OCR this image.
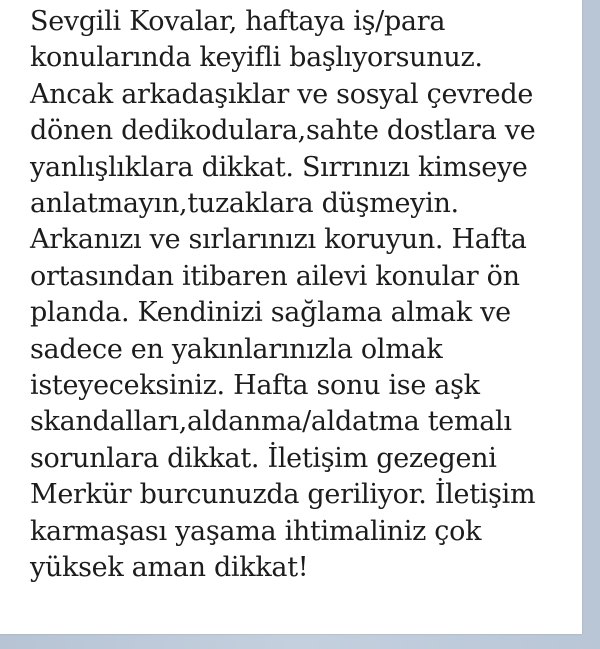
Sevgili Kovalar, haftaya iş/para
konularında keyifli başlıyorsunuz.
Ancak arkadaşıklar ve sosyal çevrede
dönen dedikodulara,sahte dostlara ve
yanlışlıklara dikkat. Sırrınızı kimseye
anlatmayın,tuzaklara düşmeyin.
Arkanızı ve sırlarınızı koruyun. Hafta
ortasından itibaren ailevi konular ön
planda. Kendinizi sağlama almak ve
sadece en yakınlarınızla olmak
isteyeceksiniz. Hafta sonu ise aşk
skandalları,aldanma/aldatma temalı
sorunlara dikkat. İletişim gezegeni
Merkür burcunuzda geriliyor. İletişim
karmaşası yaşama ihtimaliniz çok
yüksek aman dikkat!
